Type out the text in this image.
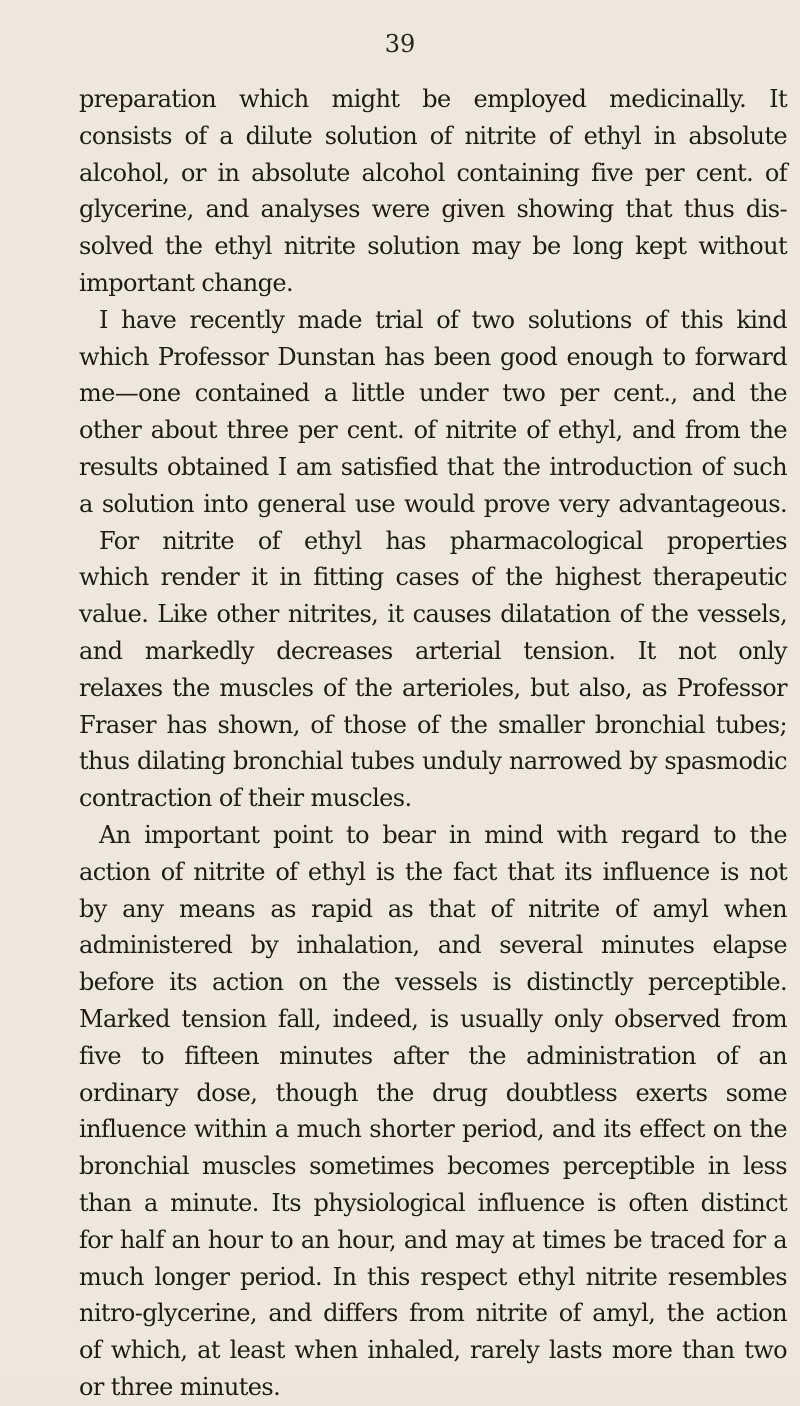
39
preparation which might be employed medicinally. It
consists of a dilute solution of nitrite of ethyl in absolute
alcohol, or in absolute alcohol containing five per cent. of
glycerine, and analyses were given showing that thus dis-
solved the ethyl nitrite solution may be long kept without
important change.
I have recently made trial of two solutions of this kind
which Professor Dunstan has been good enough to forward
me—one contained a little under two per cent., and the
other about three per cent. of nitrite of ethyl, and from the
results obtained I am satisfied that the introduction of such
a solution into general use would prove very advantageous.
For nitrite of ethyl has pharmacological properties
which render it in fitting cases of the highest therapeutic
value. Like other nitrites, it causes dilatation of the vessels,
and markedly decreases arterial tension. It not only
relaxes the muscles of the arterioles, but also, as Professor
Fraser has shown, of those of the smaller bronchial tubes;
thus dilating bronchial tubes unduly narrowed by spasmodic
contraction of their muscles.
An important point to bear in mind with regard to the
action of nitrite of ethyl is the fact that its influence is not
by any means as rapid as that of nitrite of amyl when
administered by inhalation, and several minutes elapse
before its action on the vessels is distinctly perceptible.
Marked tension fall, indeed, is usually only observed from
five to fifteen minutes after the administration of an
ordinary dose, though the drug doubtless exerts some
influence within a much shorter period, and its effect on the
bronchial muscles sometimes becomes perceptible in less
than a minute. Its physiological influence is often distinct
for half an hour to an hour, and may at times be traced for a
much longer period. In this respect ethyl nitrite resembles
nitro-glycerine, and differs from nitrite of amyl, the action
of which, at least when inhaled, rarely lasts more than two
or three minutes.
